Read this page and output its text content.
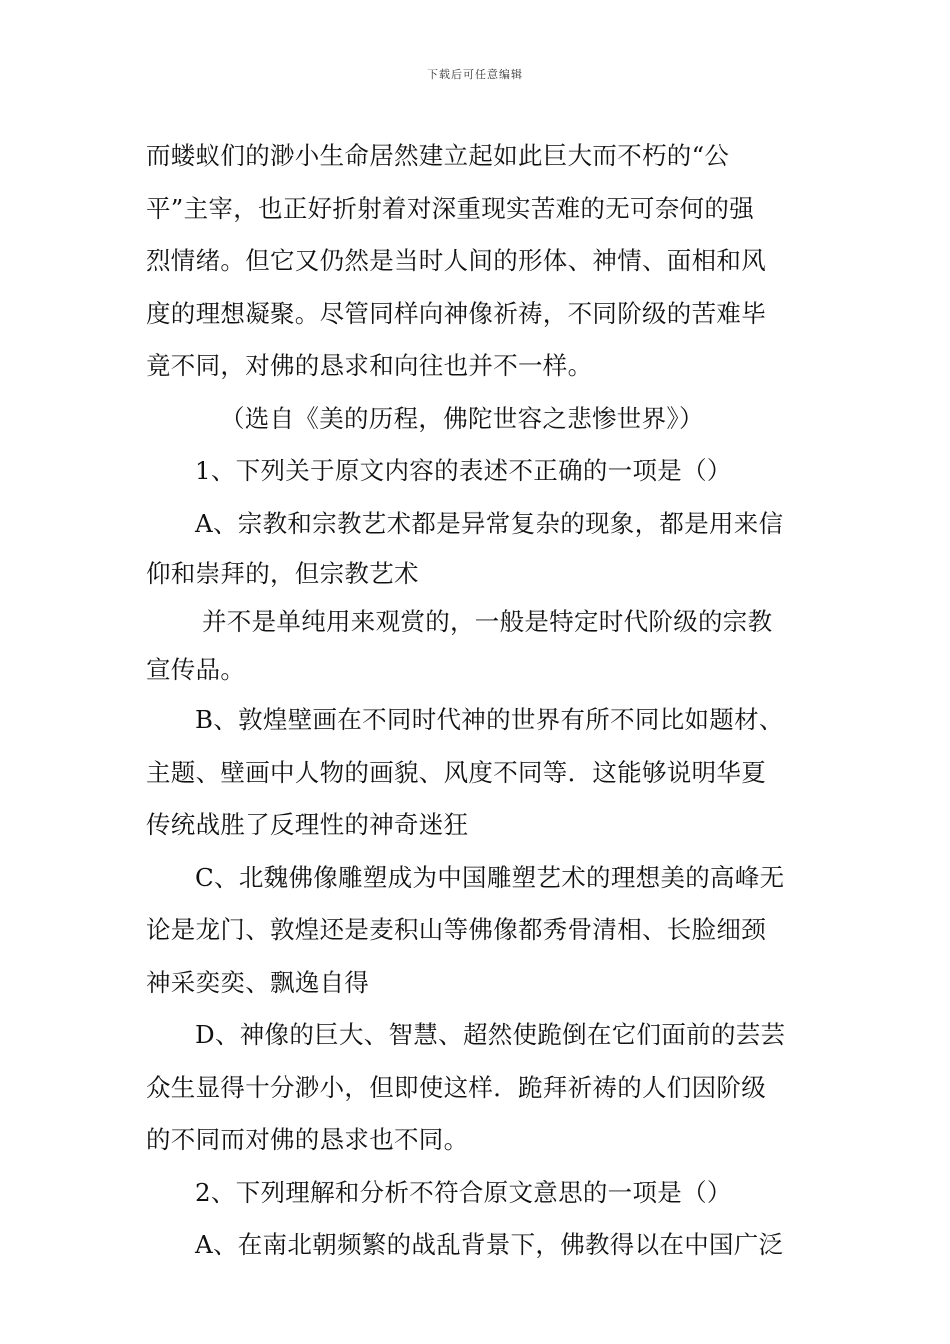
下载后可任意编辑
而蝼蚁们的渺小生命居然建立起如此巨大而不朽的“公
平”主宰，也正好折射着对深重现实苦难的无可奈何的强
烈情绪。但它又仍然是当时人间的形体、神情、面相和风
度的理想凝聚。尽管同样向神像祈祷，不同阶级的苦难毕
竟不同，对佛的恳求和向往也并不一样。
（选自《美的历程，佛陀世容之悲惨世界》）
1、下列关于原文内容的表述不正确的一项是（）
A、宗教和宗教艺术都是异常复杂的现象，都是用来信
仰和崇拜的，但宗教艺术
并不是单纯用来观赏的，一般是特定时代阶级的宗教
宣传品。
B、敦煌壁画在不同时代神的世界有所不同比如题材、
主题、壁画中人物的画貌、风度不同等．这能够说明华夏
传统战胜了反理性的神奇迷狂
C、北魏佛像雕塑成为中国雕塑艺术的理想美的高峰无
论是龙门、敦煌还是麦积山等佛像都秀骨清相、长脸细颈
神采奕奕、飘逸自得
D、神像的巨大、智慧、超然使跪倒在它们面前的芸芸
众生显得十分渺小，但即使这样．跪拜祈祷的人们因阶级
的不同而对佛的恳求也不同。
2、下列理解和分析不符合原文意思的一项是（）
A、在南北朝频繁的战乱背景下，佛教得以在中国广泛
